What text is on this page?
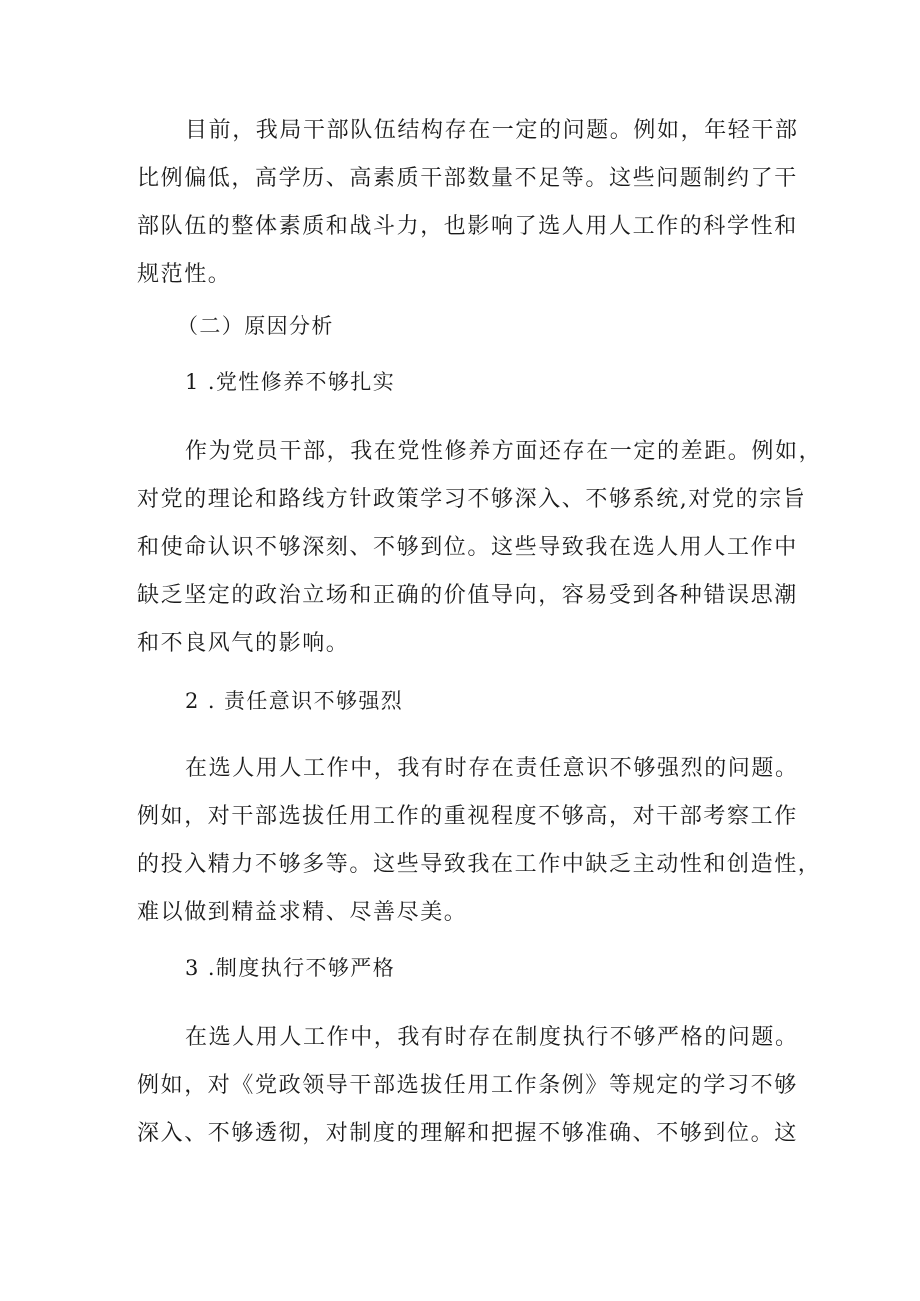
目前，我局干部队伍结构存在一定的问题。例如，年轻干部
比例偏低，高学历、高素质干部数量不足等。这些问题制约了干
部队伍的整体素质和战斗力，也影响了选人用人工作的科学性和
规范性。

（二）原因分析

1 .党性修养不够扎实

作为党员干部，我在党性修养方面还存在一定的差距。例如，
对党的理论和路线方针政策学习不够深入、不够系统,对党的宗旨
和使命认识不够深刻、不够到位。这些导致我在选人用人工作中
缺乏坚定的政治立场和正确的价值导向，容易受到各种错误思潮
和不良风气的影响。

2 . 责任意识不够强烈

在选人用人工作中，我有时存在责任意识不够强烈的问题。
例如，对干部选拔任用工作的重视程度不够高，对干部考察工作
的投入精力不够多等。这些导致我在工作中缺乏主动性和创造性，
难以做到精益求精、尽善尽美。

3 .制度执行不够严格

在选人用人工作中，我有时存在制度执行不够严格的问题。
例如，对《党政领导干部选拔任用工作条例》等规定的学习不够
深入、不够透彻，对制度的理解和把握不够准确、不够到位。这
